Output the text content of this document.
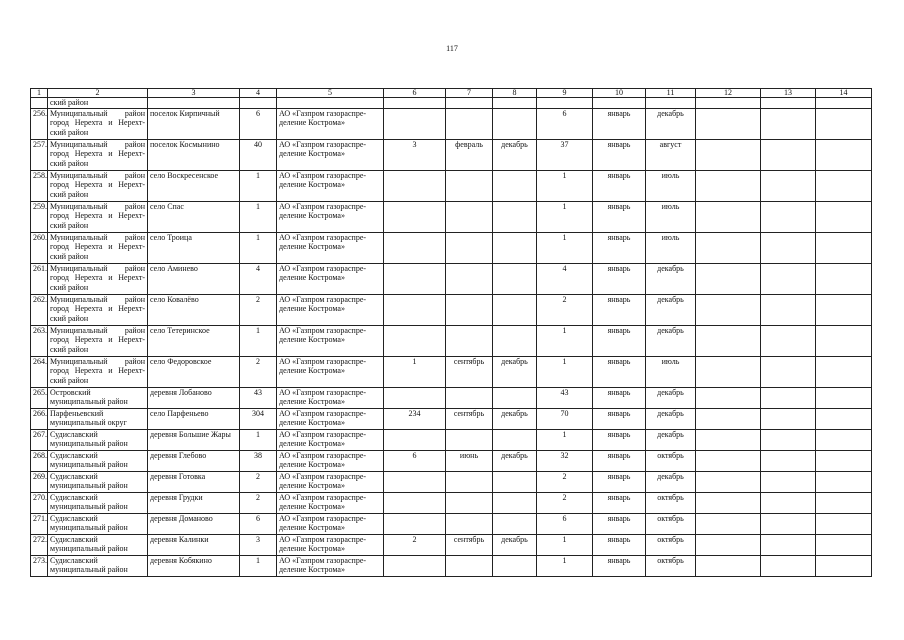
117
1	2	3	4	5	6	7	8	9	10	11	12	13	14
	ский район												
256.	Муниципальный район город Нерехта и Нерехт- ский район	поселок Кирпичный	6	АО «Газпром газораспре- деление Кострома»				6	январь	декабрь			
257.	Муниципальный район город Нерехта и Нерехт- ский район	поселок Космынино	40	АО «Газпром газораспре- деление Кострома»	3	февраль	декабрь	37	январь	август			
258.	Муниципальный район город Нерехта и Нерехт- ский район	село Воскресенское	1	АО «Газпром газораспре- деление Кострома»				1	январь	июль			
259.	Муниципальный район город Нерехта и Нерехт- ский район	село Спас	1	АО «Газпром газораспре- деление Кострома»				1	январь	июль			
260.	Муниципальный район город Нерехта и Нерехт- ский район	село Троица	1	АО «Газпром газораспре- деление Кострома»				1	январь	июль			
261.	Муниципальный район город Нерехта и Нерехт- ский район	село Аминево	4	АО «Газпром газораспре- деление Кострома»				4	январь	декабрь			
262.	Муниципальный район город Нерехта и Нерехт- ский район	село Ковалёво	2	АО «Газпром газораспре- деление Кострома»				2	январь	декабрь			
263.	Муниципальный район город Нерехта и Нерехт- ский район	село Тетеринское	1	АО «Газпром газораспре- деление Кострома»				1	январь	декабрь			
264.	Муниципальный район город Нерехта и Нерехт- ский район	село Федоровское	2	АО «Газпром газораспре- деление Кострома»	1	сентябрь	декабрь	1	январь	июль			
265.	Островский муниципальный район	деревня Лобаново	43	АО «Газпром газораспре- деление Кострома»				43	январь	декабрь			
266.	Парфеньевский муниципальный округ	село Парфеньево	304	АО «Газпром газораспре- деление Кострома»	234	сентябрь	декабрь	70	январь	декабрь			
267.	Судиславский муниципальный район	деревня Большие Жары	1	АО «Газпром газораспре- деление Кострома»				1	январь	декабрь			
268.	Судиславский муниципальный район	деревня Глебово	38	АО «Газпром газораспре- деление Кострома»	6	июнь	декабрь	32	январь	октябрь			
269.	Судиславский муниципальный район	деревня Готовка	2	АО «Газпром газораспре- деление Кострома»				2	январь	декабрь			
270.	Судиславский муниципальный район	деревня Грудки	2	АО «Газпром газораспре- деление Кострома»				2	январь	октябрь			
271.	Судиславский муниципальный район	деревня Доманово	6	АО «Газпром газораспре- деление Кострома»				6	январь	октябрь			
272.	Судиславский муниципальный район	деревня Калинки	3	АО «Газпром газораспре- деление Кострома»	2	сентябрь	декабрь	1	январь	октябрь			
273.	Судиславский муниципальный район	деревня Кобякино	1	АО «Газпром газораспре- деление Кострома»				1	январь	октябрь			
